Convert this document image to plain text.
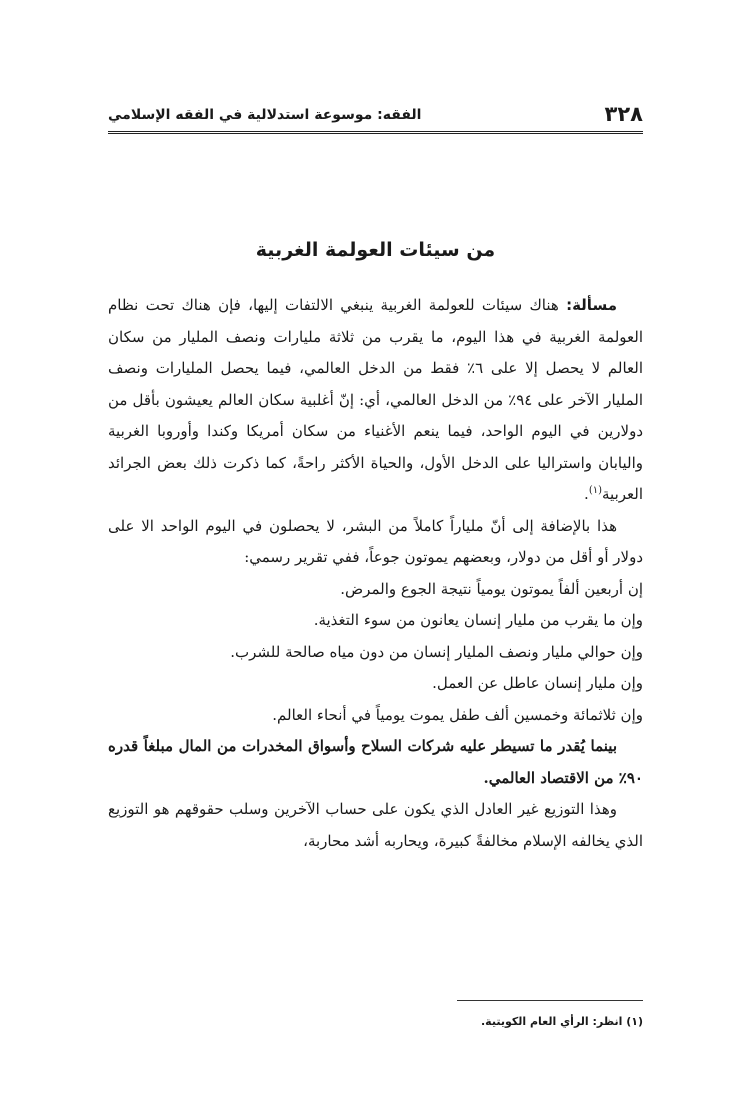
٣٢٨
الفقه: موسوعة استدلالية في الفقه الإسلامي
من سيئات العولمة الغربية

مسألة: هناك سيئات للعولمة الغربية ينبغي الالتفات إليها، فإن هناك تحت نظام العولمة الغربية في هذا اليوم، ما يقرب من ثلاثة مليارات ونصف المليار من سكان العالم لا يحصل إلا على ٦٪ فقط من الدخل العالمي، فيما يحصل المليارات ونصف المليار الآخر على ٩٤٪ من الدخل العالمي، أي: إنّ أغلبية سكان العالم يعيشون بأقل من دولارين في اليوم الواحد، فيما ينعم الأغنياء من سكان أمريكا وكندا وأوروبا الغربية واليابان واستراليا على الدخل الأول، والحياة الأكثر راحةً، كما ذكرت ذلك بعض الجرائد العربية$^{(١)}$.

هذا بالإضافة إلى أنّ ملياراً كاملاً من البشر، لا يحصلون في اليوم الواحد الا على دولار أو أقل من دولار، وبعضهم يموتون جوعاً، ففي تقرير رسمي:

إن أربعين ألفاً يموتون يومياً نتيجة الجوع والمرض.

وإن ما يقرب من مليار إنسان يعانون من سوء التغذية.

وإن حوالي مليار ونصف المليار إنسان من دون مياه صالحة للشرب.

وإن مليار إنسان عاطل عن العمل.

وإن ثلاثمائة وخمسين ألف طفل يموت يومياً في أنحاء العالم.

بينما يُقدر ما تسيطر عليه شركات السلاح وأسواق المخدرات من المال مبلغاً قدره ٩٠٪ من الاقتصاد العالمي.

وهذا التوزيع غير العادل الذي يكون على حساب الآخرين وسلب حقوقهم هو التوزيع الذي يخالفه الإسلام مخالفةً كبيرة، ويحاربه أشد محاربة،

(١) انظر: الرأي العام الكويتية.
